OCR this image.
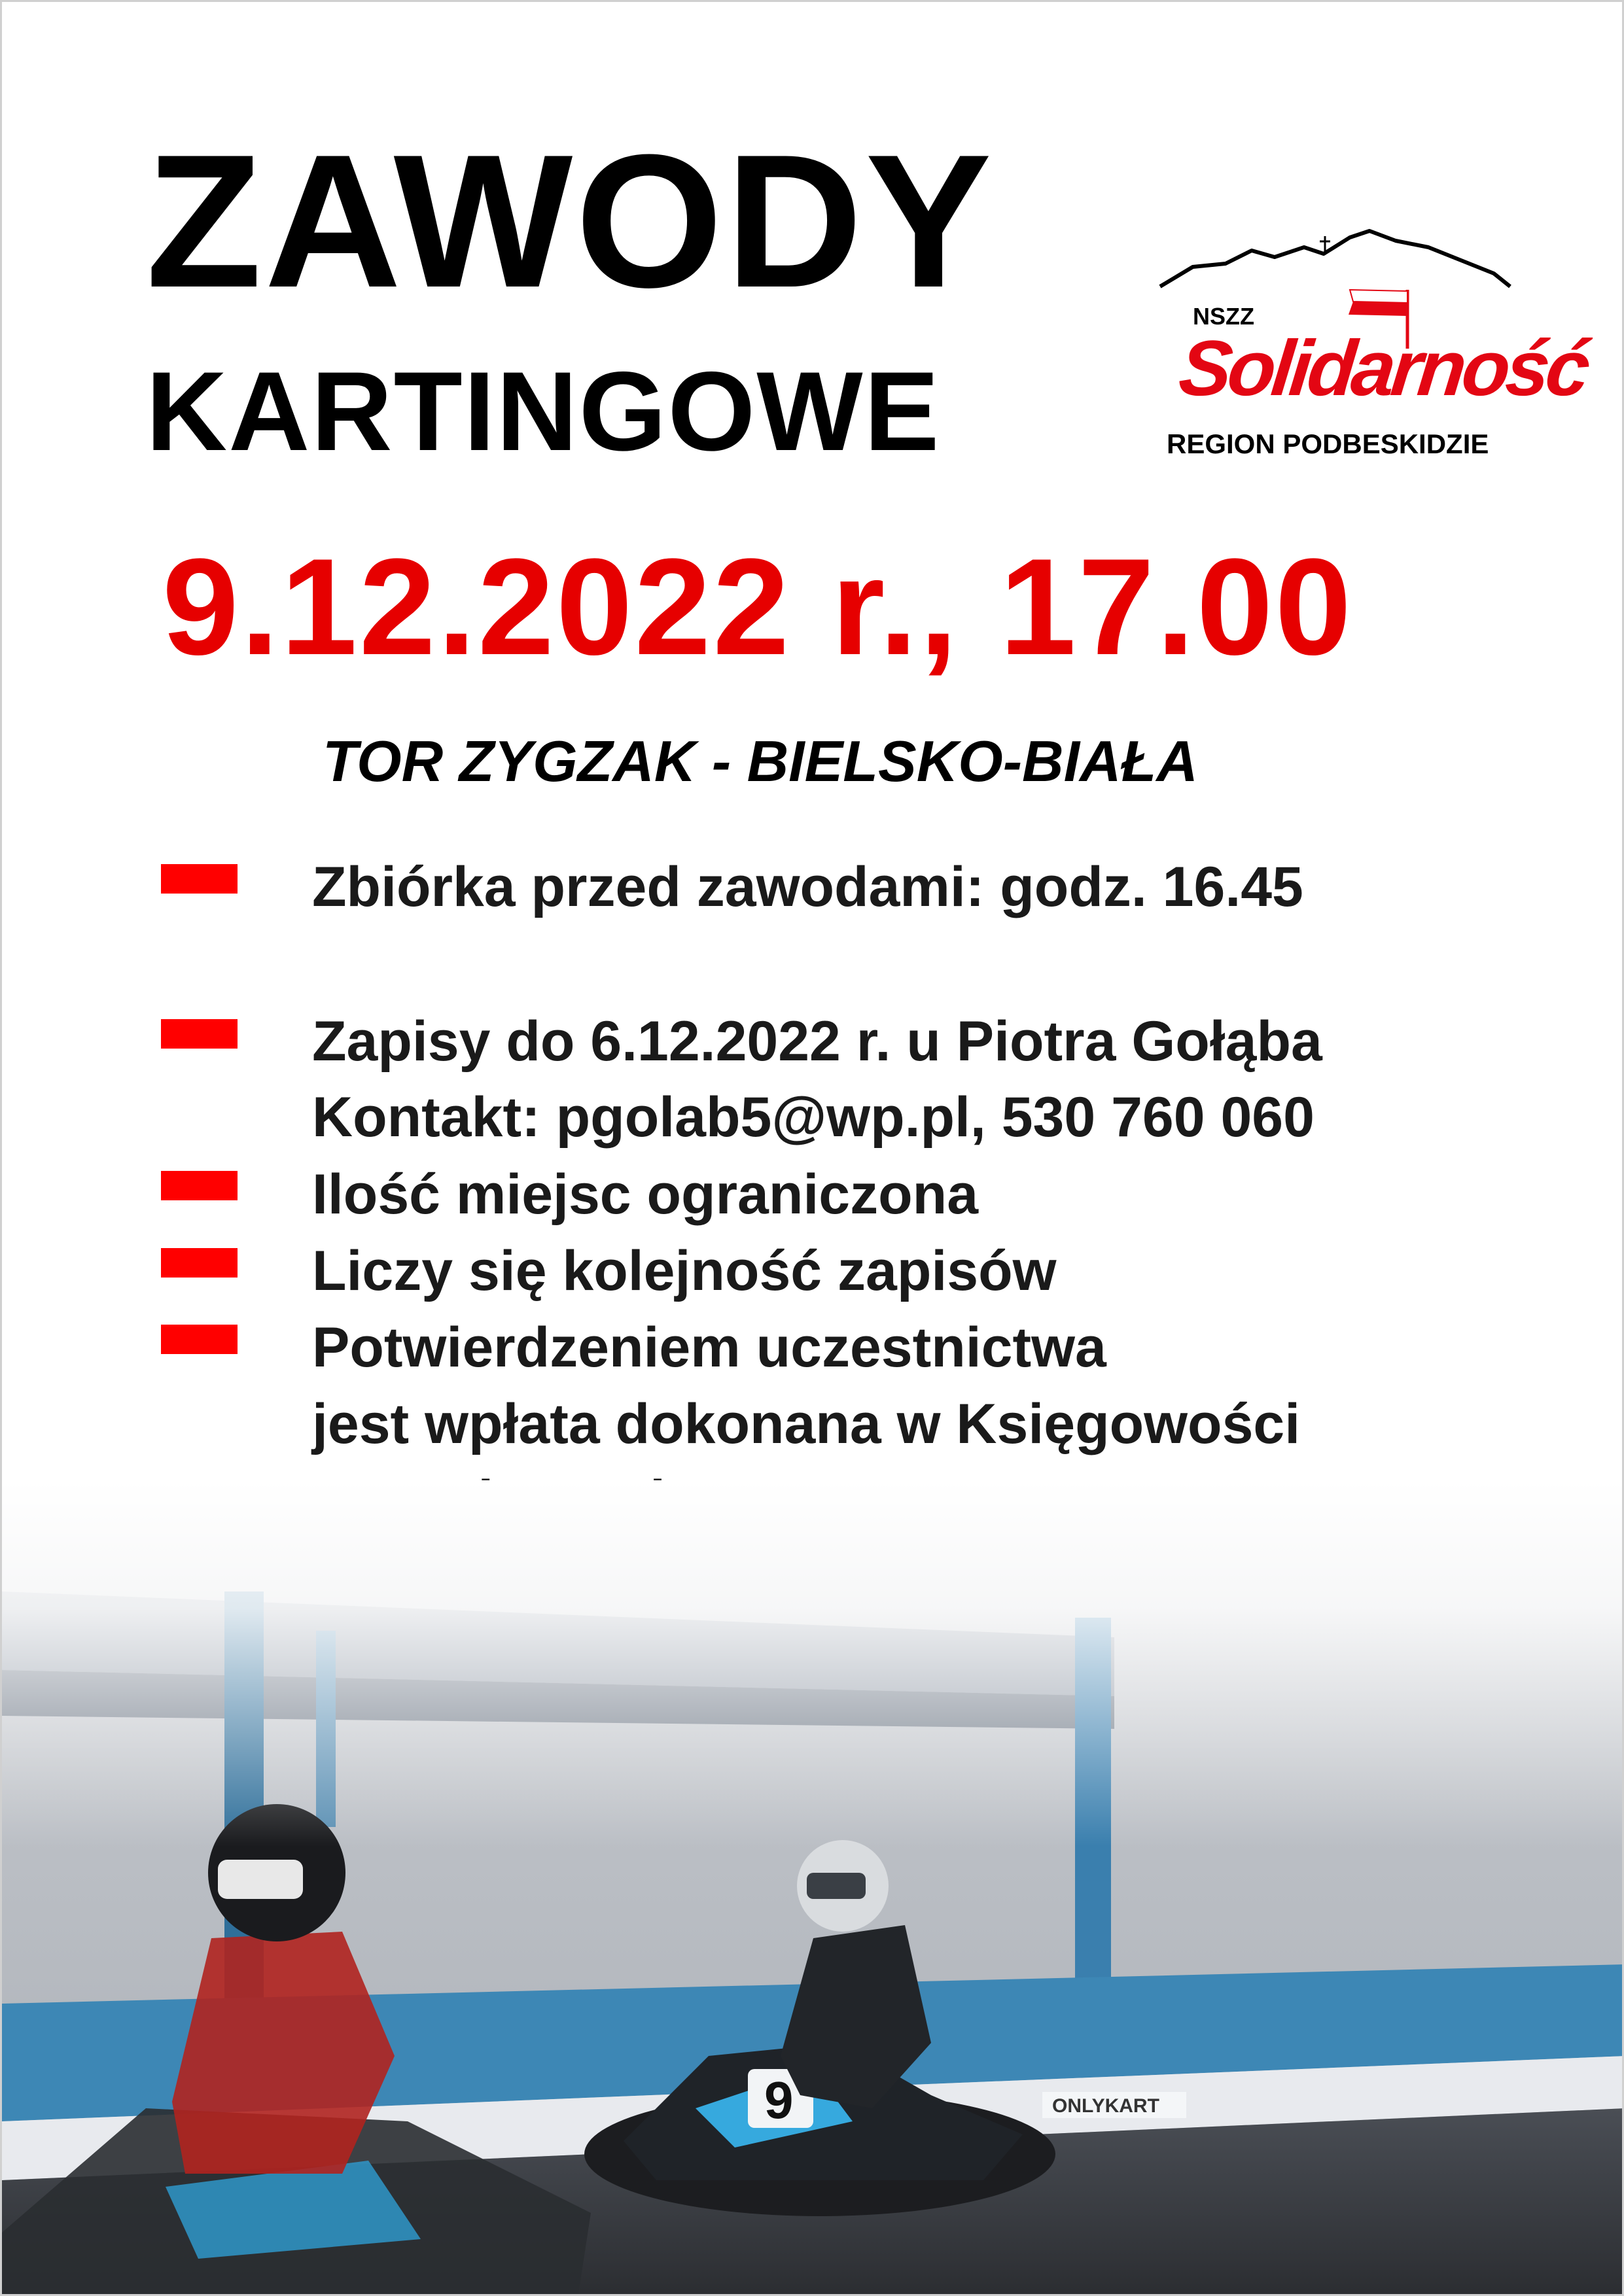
ZAWODY
KARTINGOWE
NSZZ
Solidarność
REGION PODBESKIDZIE
9.12.2022 r., 17.00
TOR ZYGZAK - BIELSKO-BIAŁA
Zbiórka przed zawodami: godz. 16.45
Zapisy do 6.12.2022 r. u Piotra Gołąba
Kontakt: pgolab5@wp.pl, 530 760 060
Ilość miejsc ograniczona
Liczy się kolejność zapisów
Potwierdzeniem uczestnictwa
jest wpłata dokonana w Księgowości
9	ONLYKART
